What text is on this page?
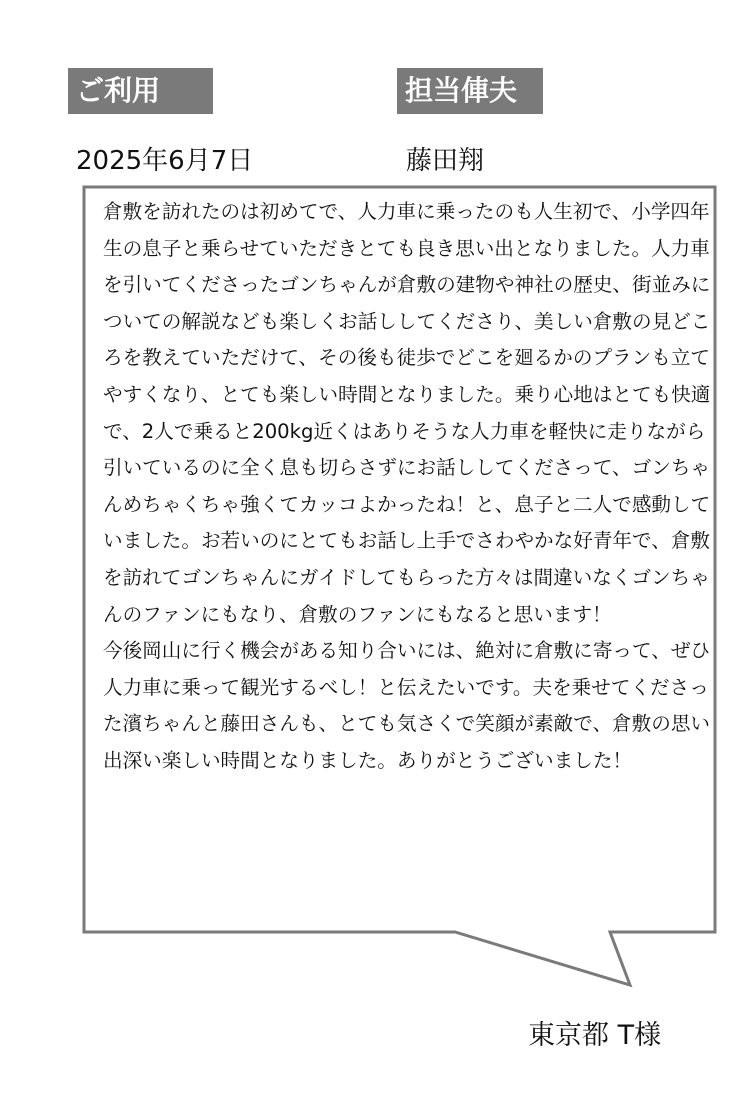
ご利用	担当俥夫
2025年6月7日	藤田翔

倉敷を訪れたのは初めてで、人力車に乗ったのも人生初で、小学四年生の息子と乗らせていただきとても良き思い出となりました。人力車を引いてくださったゴンちゃんが倉敷の建物や神社の歴史、街並みについての解説なども楽しくお話ししてくださり、美しい倉敷の見どころを教えていただけて、その後も徒歩でどこを廻るかのプランも立てやすくなり、とても楽しい時間となりました。乗り心地はとても快適で、2人で乗ると200kg近くはありそうな人力車を軽快に走りながら引いているのに全く息も切らさずにお話ししてくださって、ゴンちゃんめちゃくちゃ強くてカッコよかったね！と、息子と二人で感動していました。お若いのにとてもお話し上手でさわやかな好青年で、倉敷を訪れてゴンちゃんにガイドしてもらった方々は間違いなくゴンちゃんのファンにもなり、倉敷のファンにもなると思います！

今後岡山に行く機会がある知り合いには、絶対に倉敷に寄って、ぜひ人力車に乗って観光するべし！と伝えたいです。夫を乗せてくださった濱ちゃんと藤田さんも、とても気さくで笑顔が素敵で、倉敷の思い出深い楽しい時間となりました。ありがとうございました！

東京都 T様
